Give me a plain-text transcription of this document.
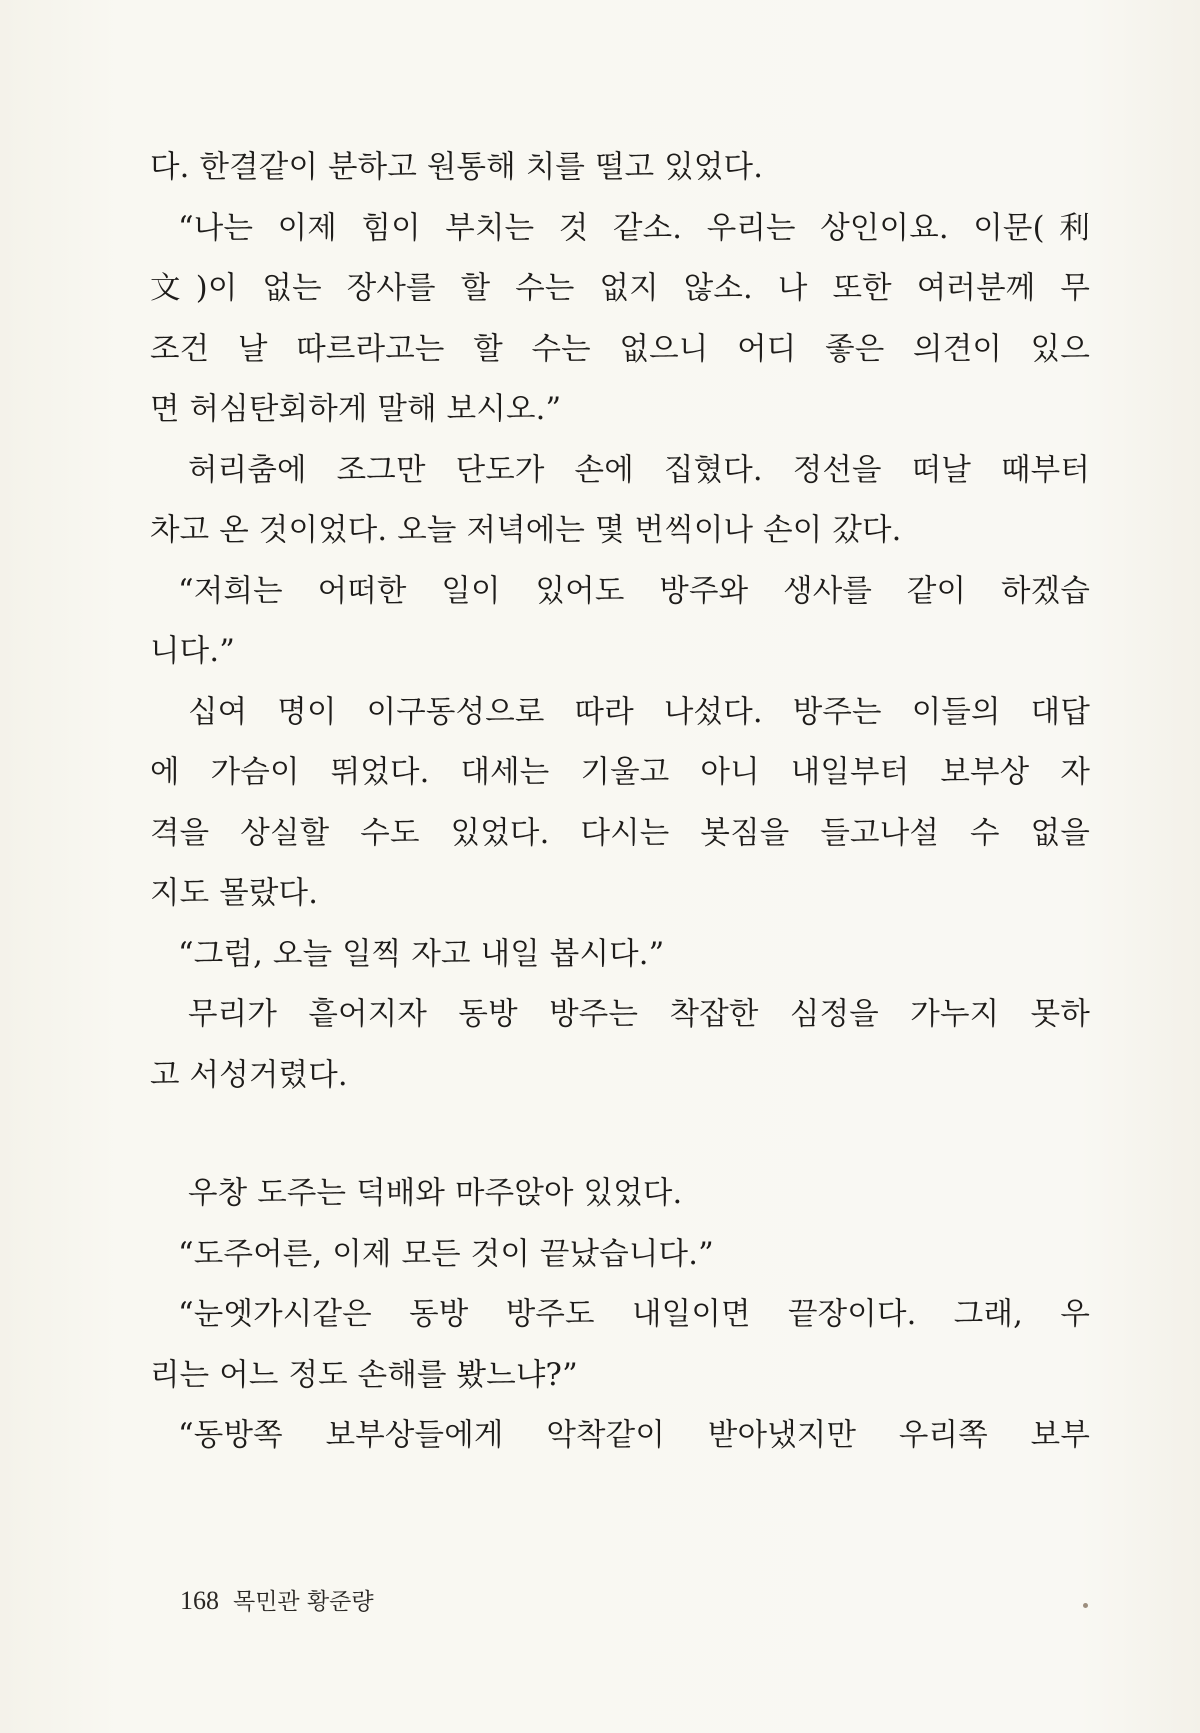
다. 한결같이 분하고 원통해 치를 떨고 있었다.
“나는 이제 힘이 부치는 것 같소. 우리는 상인이요. 이문(利
文)이 없는 장사를 할 수는 없지 않소. 나 또한 여러분께 무
조건 날 따르라고는 할 수는 없으니 어디 좋은 의견이 있으
면 허심탄회하게 말해 보시오.”
허리춤에 조그만 단도가 손에 집혔다. 정선을 떠날 때부터
차고 온 것이었다. 오늘 저녁에는 몇 번씩이나 손이 갔다.
“저희는 어떠한 일이 있어도 방주와 생사를 같이 하겠습
니다.”
십여 명이 이구동성으로 따라 나섰다. 방주는 이들의 대답
에 가슴이 뛰었다. 대세는 기울고 아니 내일부터 보부상 자
격을 상실할 수도 있었다. 다시는 봇짐을 들고나설 수 없을
지도 몰랐다.
“그럼, 오늘 일찍 자고 내일 봅시다.”
무리가 흩어지자 동방 방주는 착잡한 심정을 가누지 못하
고 서성거렸다.
우창 도주는 덕배와 마주앉아 있었다.
“도주어른, 이제 모든 것이 끝났습니다.”
“눈엣가시같은 동방 방주도 내일이면 끝장이다. 그래, 우
리는 어느 정도 손해를 봤느냐?”
“동방쪽 보부상들에게 악착같이 받아냈지만 우리쪽 보부
168 목민관 황준량
